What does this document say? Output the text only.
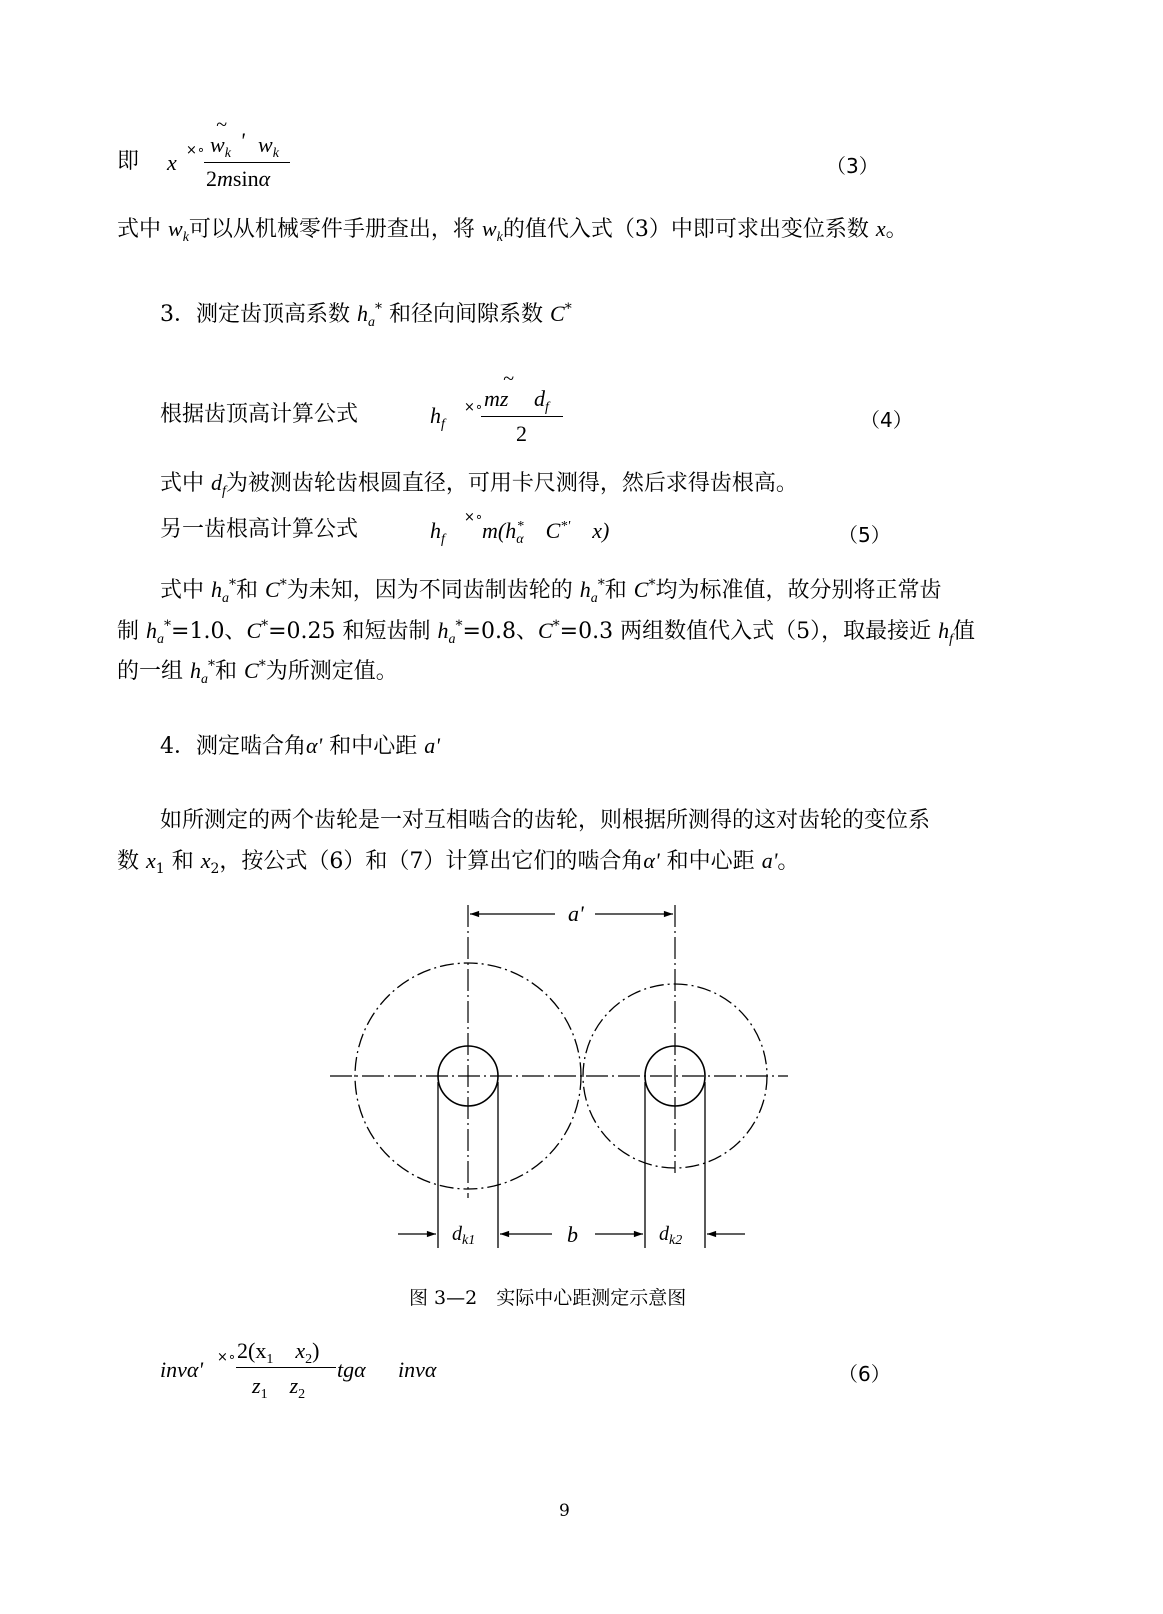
即 x ×∘ $w_k$
~
' $w_k$
2msinα	（3）
式中 $w_k$可以从机械零件手册查出，将 $w_k$的值代入式（3）中即可求出变位系数 x。
3．测定齿顶高系数 $h_a^*$ 和径向间隙系数 C*
根据齿顶高计算公式	$h_f$
×∘ mz
~
$d_f$
2
（4）
式中 $d_f$为被测齿轮齿根圆直径，可用卡尺测得，然后求得齿根高。
另一齿根高计算公式	$h_f$
×∘
$m(h_\alpha^*$ C*' x)	（5）
式中 $h_a^*$和 C*为未知，因为不同齿制齿轮的 $h_a^*$和 C*均为标准值，故分别将正常齿
制 $h_a^*=1.0$、C*=0.25 和短齿制 $h_a^*=0.8$、C*=0.3 两组数值代入式（5），取最接近 $h_f$值
的一组 $h_a^*$和 C*为所测定值。
4．测定啮合角α' 和中心距 a'
如所测定的两个齿轮是一对互相啮合的齿轮，则根据所测得的这对齿轮的变位系
数 $x_1$ 和 $x_2$，按公式（6）和（7）计算出它们的啮合角α' 和中心距 a'。
a'
b
$d_{k1}$	$d_{k2}$
图 3—2　实际中心距测定示意图
invα' ×∘ $2(x_1$ $x_2$)
$z_1$ $z_2$
tgα invα	（6）
9
